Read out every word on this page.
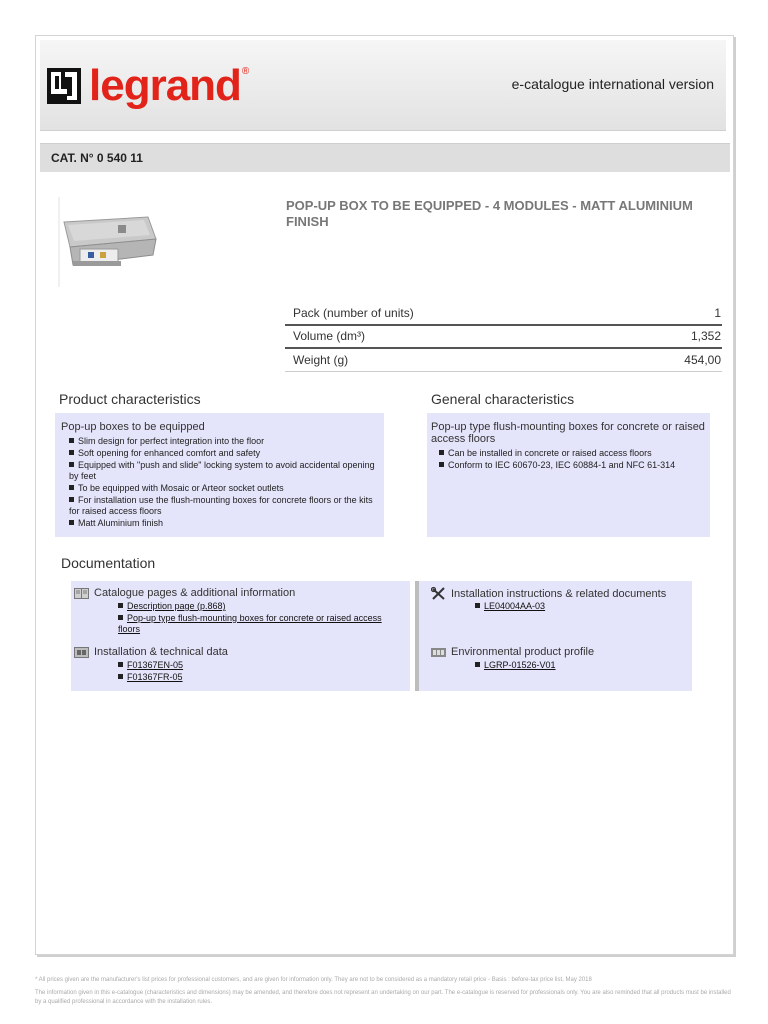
legrand ®
e-catalogue international version
CAT. N° 0 540 11
POP-UP BOX TO BE EQUIPPED - 4 MODULES - MATT ALUMINIUM FINISH
Pack (number of units)	1
Volume (dm³)	1,352
Weight (g)	454,00
Product characteristics
Pop-up boxes to be equipped
Slim design for perfect integration into the floor
Soft opening for enhanced comfort and safety
Equipped with "push and slide" locking system to avoid accidental opening by feet
To be equipped with Mosaic or Arteor socket outlets
For installation use the flush-mounting boxes for concrete floors or the kits for raised access floors
Matt Aluminium finish
General characteristics
Pop-up type flush-mounting boxes for concrete or raised access floors
Can be installed in concrete or raised access floors
Conform to IEC 60670-23, IEC 60884-1 and NFC 61-314
Documentation
Catalogue pages & additional information
Description page (p.868)
Pop-up type flush-mounting boxes for concrete or raised access floors
Installation & technical data
F01367EN-05
F01367FR-05
Installation instructions & related documents
LE04004AA-03
Environmental product profile
LGRP-01526-V01
* All prices given are the manufacturer's list prices for professional customers, and are given for information only. They are not to be considered as a mandatory retail price - Basis : before-tax price list, May 2018
The information given in this e-catalogue (characteristics and dimensions) may be amended, and therefore does not represent an undertaking on our part. The e-catalogue is reserved for professionals only. You are also reminded that all products must be installed by a qualified professional in accordance with the installation rules.
